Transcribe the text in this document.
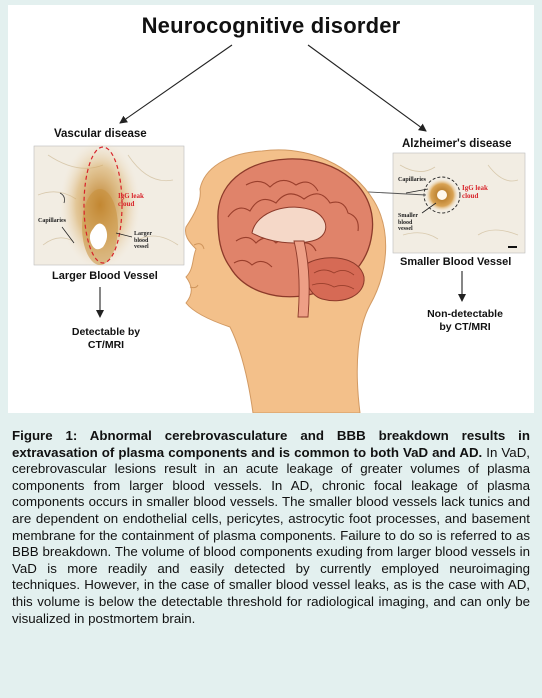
Neurocognitive disorder
Vascular disease
Alzheimer's disease
Larger Blood Vessel
Smaller Blood Vessel
Detectable by CT/MRI
Non-detectable by CT/MRI
IgG leak cloud
Capillaries
Larger blood vessel
IgG leak cloud
Capillaries
Smaller blood vessel
Figure 1: Abnormal cerebrovasculature and BBB breakdown results in extravasation of plasma components and is common to both VaD and AD. In VaD, cerebrovascular lesions result in an acute leakage of greater volumes of plasma components from larger blood vessels. In AD, chronic focal leakage of plasma components occurs in smaller blood vessels. The smaller blood vessels lack tunics and are dependent on endothelial cells, pericytes, astrocytic foot processes, and basement membrane for the containment of plasma components. Failure to do so is referred to as BBB breakdown. The volume of blood components exuding from larger blood vessels in VaD is more readily and easily detected by currently employed neuroimaging techniques. However, in the case of smaller blood vessel leaks, as is the case with AD, this volume is below the detectable threshold for radiological imaging, and can only be visualized in postmortem brain.
